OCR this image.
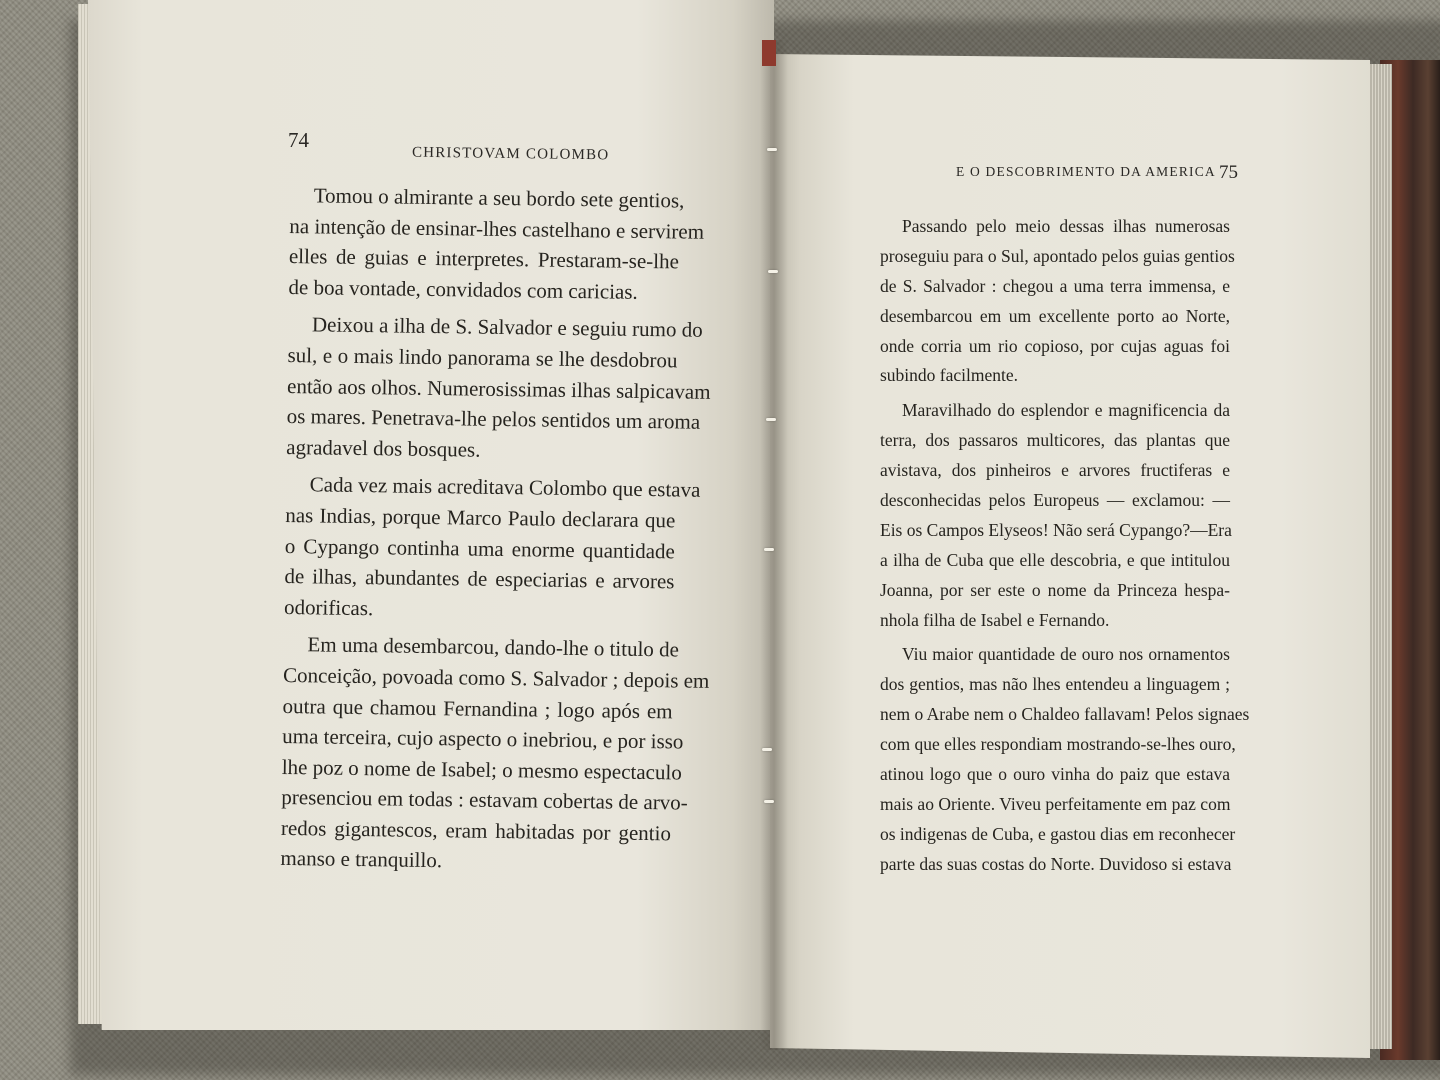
74
CHRISTOVAM COLOMBO
E O DESCOBRIMENTO DA AMERICA 75
Tomou o almirante a seu bordo sete gentios,
na intenção de ensinar-lhes castelhano e servirem
elles de guias e interpretes. Prestaram-se-lhe
de boa vontade, convidados com caricias.
Deixou a ilha de S. Salvador e seguiu rumo do
sul, e o mais lindo panorama se lhe desdobrou
então aos olhos. Numerosissimas ilhas salpicavam
os mares. Penetrava-lhe pelos sentidos um aroma
agradavel dos bosques.
Cada vez mais acreditava Colombo que estava
nas Indias, porque Marco Paulo declarara que
o Cypango continha uma enorme quantidade
de ilhas, abundantes de especiarias e arvores
odorificas.
Em uma desembarcou, dando-lhe o titulo de
Conceição, povoada como S. Salvador ; depois em
outra que chamou Fernandina ; logo após em
uma terceira, cujo aspecto o inebriou, e por isso
lhe poz o nome de Isabel; o mesmo espectaculo
presenciou em todas : estavam cobertas de arvo-
redos gigantescos, eram habitadas por gentio
manso e tranquillo.
Passando pelo meio dessas ilhas numerosas
proseguiu para o Sul, apontado pelos guias gentios
de S. Salvador : chegou a uma terra immensa, e
desembarcou em um excellente porto ao Norte,
onde corria um rio copioso, por cujas aguas foi
subindo facilmente.
Maravilhado do esplendor e magnificencia da
terra, dos passaros multicores, das plantas que
avistava, dos pinheiros e arvores fructiferas e
desconhecidas pelos Europeus — exclamou: —
Eis os Campos Elyseos! Não será Cypango?—Era
a ilha de Cuba que elle descobria, e que intitulou
Joanna, por ser este o nome da Princeza hespa-
nhola filha de Isabel e Fernando.
Viu maior quantidade de ouro nos ornamentos
dos gentios, mas não lhes entendeu a linguagem ;
nem o Arabe nem o Chaldeo fallavam! Pelos signaes
com que elles respondiam mostrando-se-lhes ouro,
atinou logo que o ouro vinha do paiz que estava
mais ao Oriente. Viveu perfeitamente em paz com
os indigenas de Cuba, e gastou dias em reconhecer
parte das suas costas do Norte. Duvidoso si estava
